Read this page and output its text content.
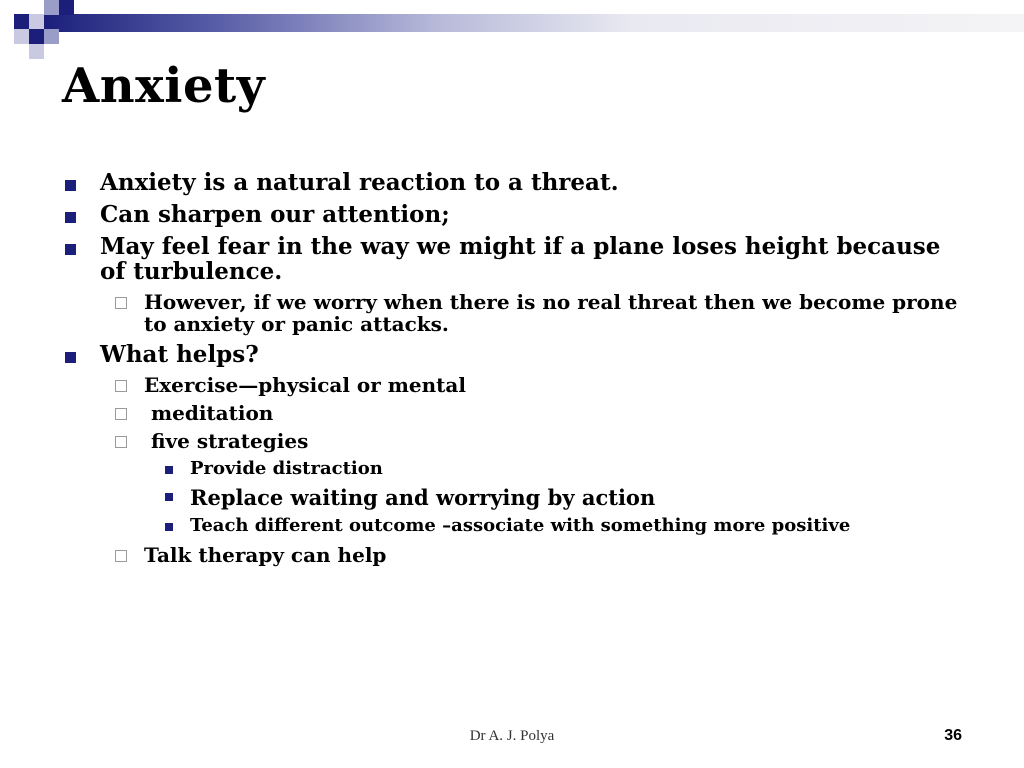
Anxiety
Anxiety is a natural reaction to a threat.
Can sharpen our attention;
May feel fear in the way we might if a plane loses height because of turbulence.
However, if we worry when there is no real threat then we become prone to anxiety or panic attacks.
What helps?
Exercise—physical or mental
meditation
five strategies
Provide distraction
Replace waiting and worrying by action
Teach different outcome –associate with something more positive
Talk therapy can help
Dr A. J. Polya	36
